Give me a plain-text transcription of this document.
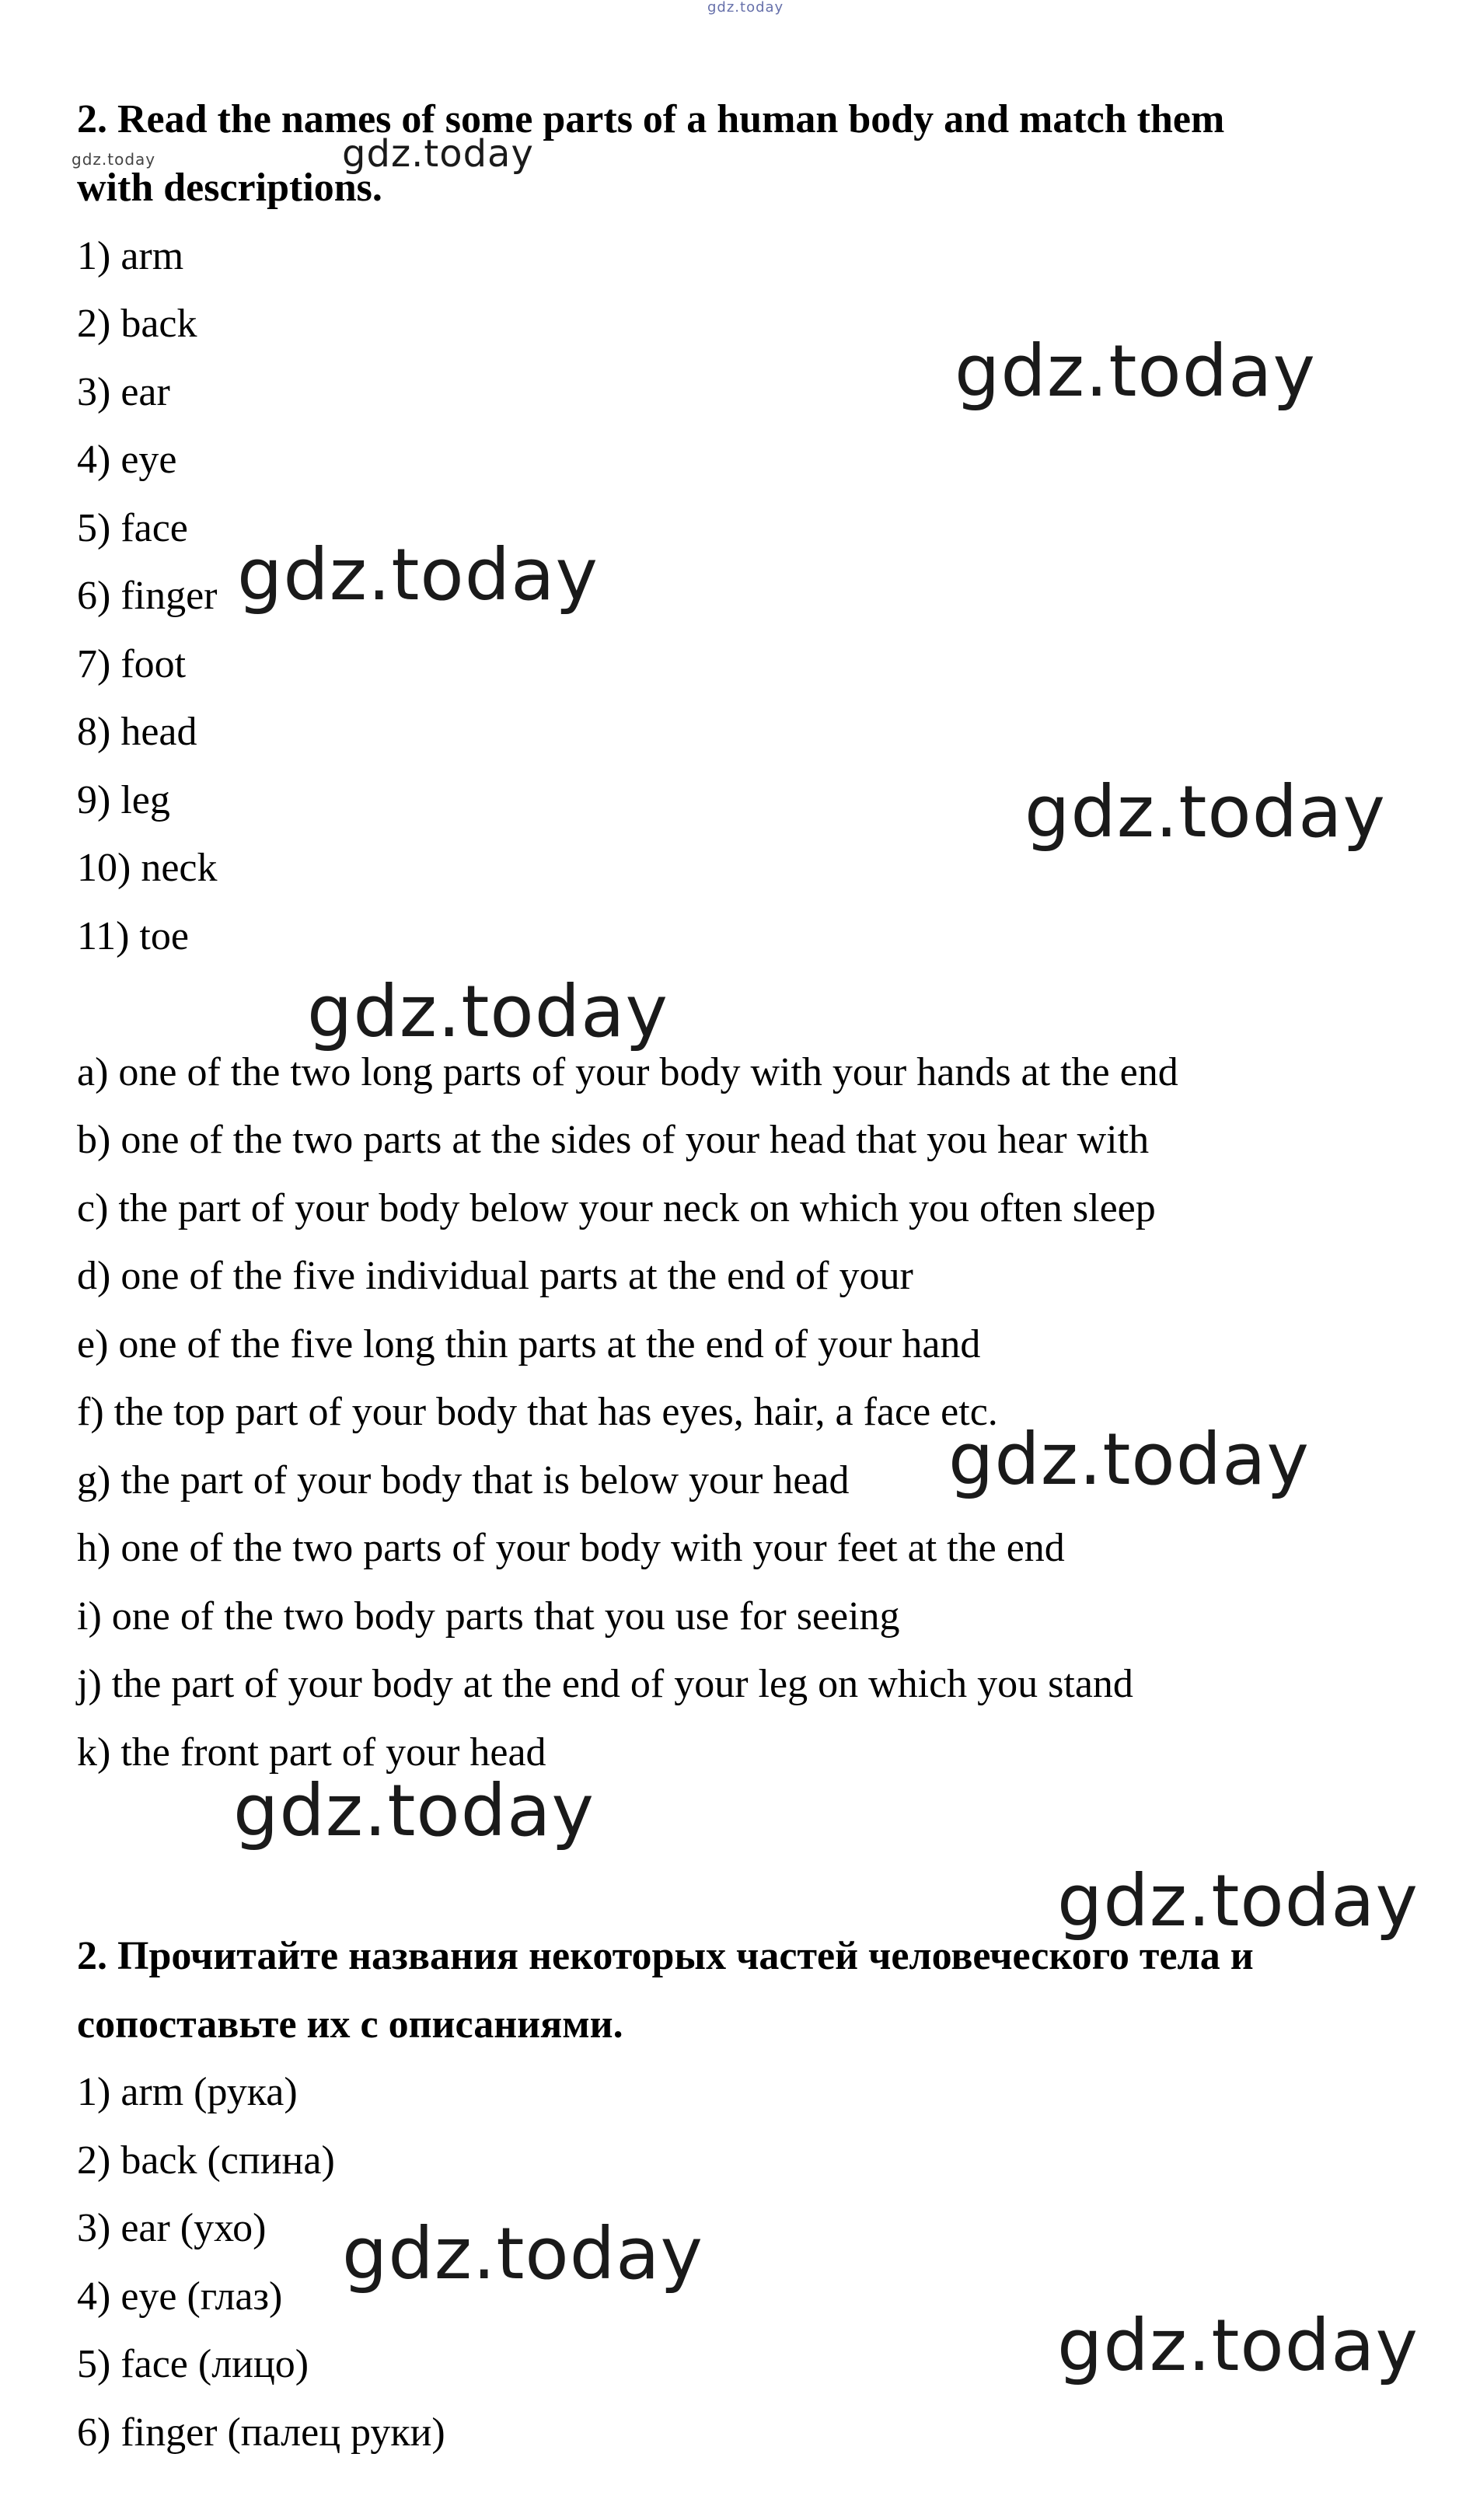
gdz.today
2. Read the names of some parts of a human body and match them
with descriptions.
1) arm
2) back
3) ear
4) eye
5) face
6) finger
7) foot
8) head
9) leg
10) neck
11) toe
a) one of the two long parts of your body with your hands at the end
b) one of the two parts at the sides of your head that you hear with
c) the part of your body below your neck on which you often sleep
d) one of the five individual parts at the end of your
e) one of the five long thin parts at the end of your hand
f) the top part of your body that has eyes, hair, a face etc.
g) the part of your body that is below your head
h) one of the two parts of your body with your feet at the end
i) one of the two body parts that you use for seeing
j) the part of your body at the end of your leg on which you stand
k) the front part of your head
2. Прочитайте названия некоторых частей человеческого тела и
сопоставьте их с описаниями.
1) arm (рука)
2) back (спина)
3) ear (ухо)
4) eye (глаз)
5) face (лицо)
6) finger (палец руки)
gdz.today	gdz.today
gdz.today
gdz.today
gdz.today
gdz.today
gdz.today
gdz.today
gdz.today
gdz.today
gdz.today
